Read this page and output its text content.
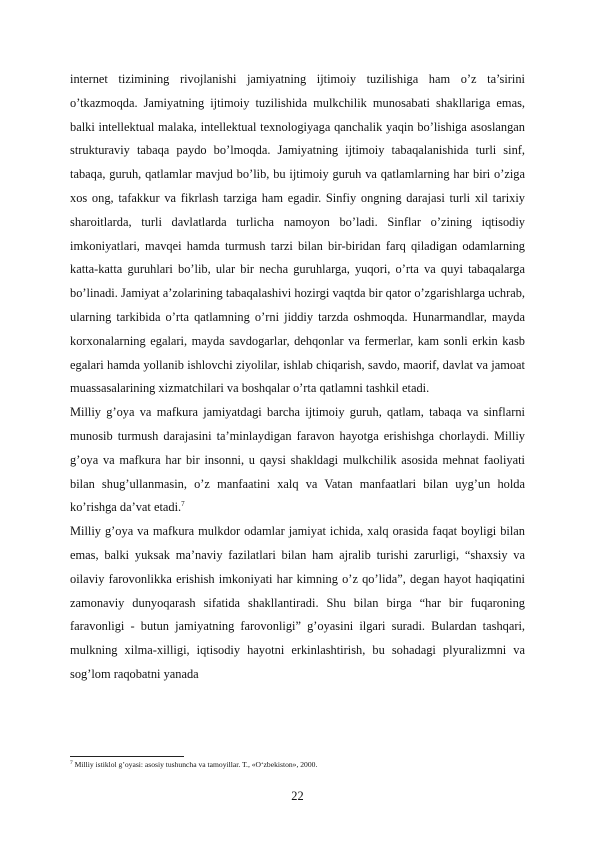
internet tizimining rivojlanishi jamiyatning ijtimoiy tuzilishiga ham o’z ta’sirini o’tkazmoqda. Jamiyatning ijtimoiy tuzilishida mulkchilik munosabati shakllariga emas, balki intellektual malaka, intellektual texnologiyaga qanchalik yaqin bo’lishiga asoslangan strukturaviy tabaqa paydo bo’lmoqda. Jamiyatning ijtimoiy tabaqalanishida turli sinf, tabaqa, guruh, qatlamlar mavjud bo’lib, bu ijtimoiy guruh va qatlamlarning har biri o’ziga xos ong, tafakkur va fikrlash tarziga ham egadir. Sinfiy ongning darajasi turli xil tarixiy sharoitlarda, turli davlatlarda turlicha namoyon bo’ladi. Sinflar o’zining iqtisodiy imkoniyatlari, mavqei hamda turmush tarzi bilan bir-biridan farq qiladigan odamlarning katta-katta guruhlari bo’lib, ular bir necha guruhlarga, yuqori, o’rta va quyi tabaqalarga bo’linadi. Jamiyat a’zolarining tabaqalashivi hozirgi vaqtda bir qator o’zgarishlarga uchrab, ularning tarkibida o’rta qatlamning o’rni jiddiy tarzda oshmoqda. Hunarmandlar, mayda korxonalarning egalari, mayda savdogarlar, dehqonlar va fermerlar, kam sonli erkin kasb egalari hamda yollanib ishlovchi ziyolilar, ishlab chiqarish, savdo, maorif, davlat va jamoat muassasalarining xizmatchilari va boshqalar o’rta qatlamni tashkil etadi.

Milliy g’oya va mafkura jamiyatdagi barcha ijtimoiy guruh, qatlam, tabaqa va sinflarni munosib turmush darajasini ta’minlaydigan faravon hayotga erishishga chorlaydi. Milliy g’oya va mafkura har bir insonni, u qaysi shakldagi mulkchilik asosida mehnat faoliyati bilan shug’ullanmasin, o’z manfaatini xalq va Vatan manfaatlari bilan uyg’un holda ko’rishga da’vat etadi.$^7$

Milliy g’oya va mafkura mulkdor odamlar jamiyat ichida, xalq orasida faqat boyligi bilan emas, balki yuksak ma’naviy fazilatlari bilan ham ajralib turishi zarurligi, “shaxsiy va oilaviy farovonlikka erishish imkoniyati har kimning o’z qo’lida”, degan hayot haqiqatini zamonaviy dunyoqarash sifatida shakllantiradi. Shu bilan birga “har bir fuqaroning faravonligi - butun jamiyatning farovonligi” g’oyasini ilgari suradi. Bulardan tashqari, mulkning xilma-xilligi, iqtisodiy hayotni erkinlashtirish, bu sohadagi plyuralizmni va sog’lom raqobatni yanada

$^7$ Milliy istiklol g’oyasi: asosiy tushuncha va tamoyillar. T., «O‘zbekiston», 2000.
22
